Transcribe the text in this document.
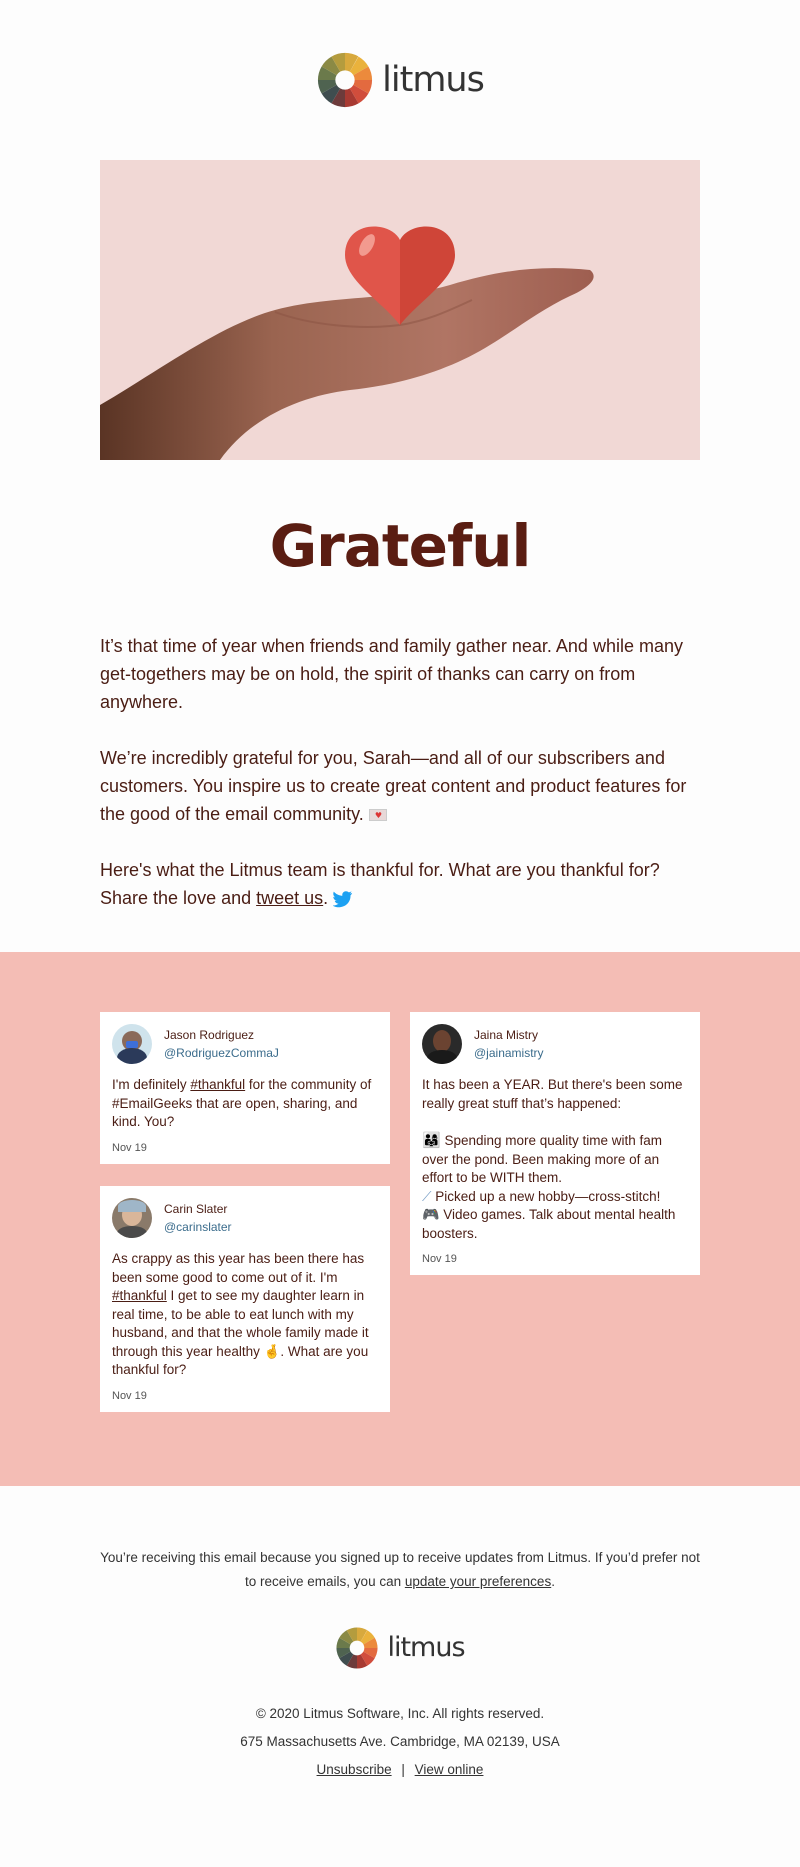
litmus
Grateful

It’s that time of year when friends and family gather near. And while many get-togethers may be on hold, the spirit of thanks can carry on from anywhere.

We’re incredibly grateful for you, Sarah—and all of our subscribers and customers. You inspire us to create great content and product features for the good of the email community. ♥

Here's what the Litmus team is thankful for. What are you thankful for? Share the love and tweet us.

Jason Rodriguez
@RodriguezCommaJ
I'm definitely #thankful for the community of #EmailGeeks that are open, sharing, and kind. You?
Nov 19
Jaina Mistry
@jainamistry
It has been a YEAR. But there's been some really great stuff that’s happened:
👨‍👩‍👧 Spending more quality time with fam over the pond. Been making more of an effort to be WITH them.
⟋ Picked up a new hobby—cross-stitch!
🎮 Video games. Talk about mental health boosters.
Nov 19
Carin Slater
@carinslater
As crappy as this year has been there has been some good to come out of it. I'm #thankful I get to see my daughter learn in real time, to be able to eat lunch with my husband, and that the whole family made it through this year healthy 🤞. What are you thankful for?
Nov 19

You’re receiving this email because you signed up to receive updates from Litmus. If you’d prefer not to receive emails, you can update your preferences.

litmus

© 2020 Litmus Software, Inc. All rights reserved.

675 Massachusetts Ave. Cambridge, MA 02139, USA

Unsubscribe | View online
